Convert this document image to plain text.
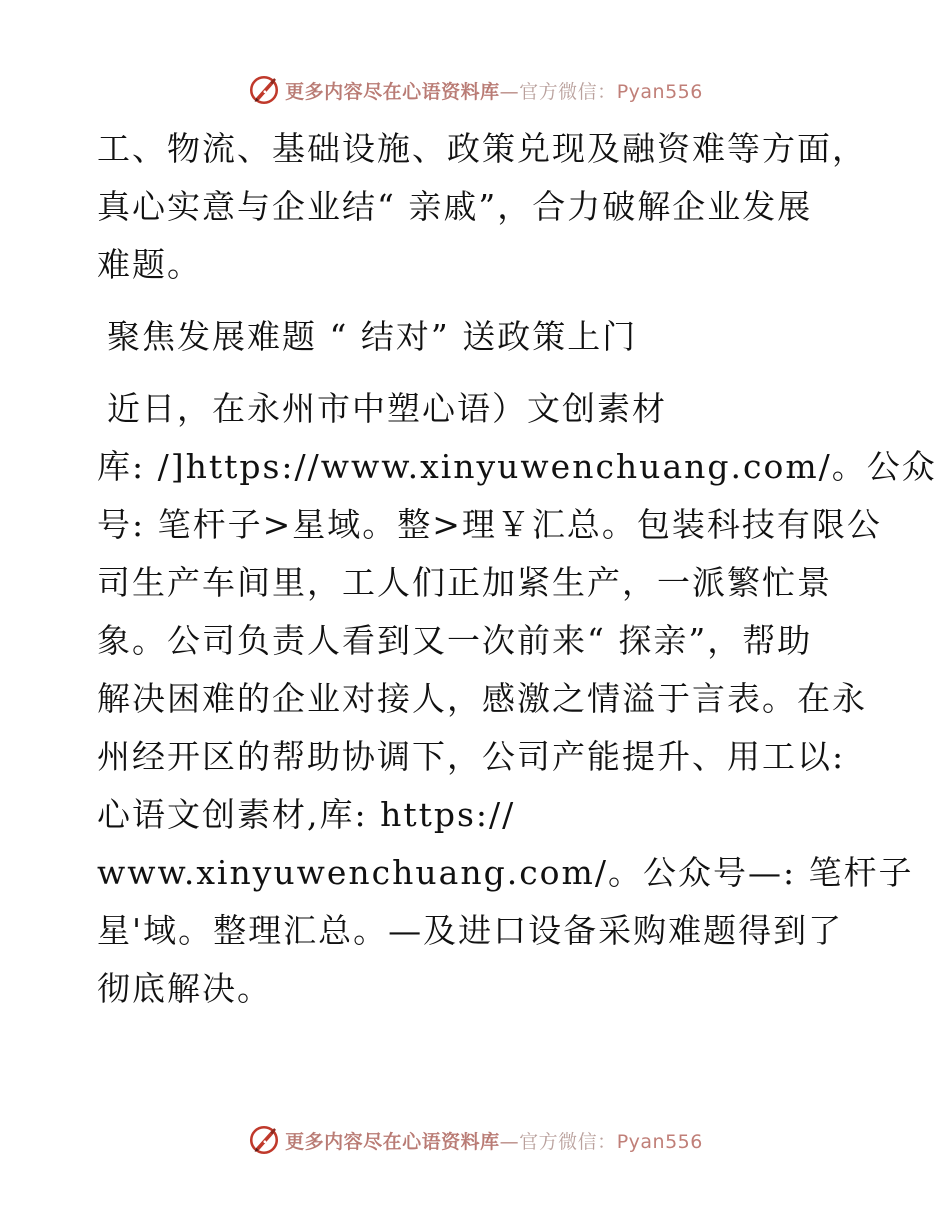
更多内容尽在心语资料库—官方微信：Pyan556
工、物流、基础设施、政策兑现及融资难等方面，
真心实意与企业结“ 亲戚”，合力破解企业发展
难题。
聚焦发展难题 “ 结对” 送政策上门
近日，在永州市中塑心语）文创素材
库: /]https://www.xinyuwenchuang.com/。公众
号: 笔杆子>星域。整>理￥汇总。包装科技有限公
司生产车间里，工人们正加紧生产，一派繁忙景
象。公司负责人看到又一次前来“ 探亲”，帮助
解决困难的企业对接人，感激之情溢于言表。在永
州经开区的帮助协调下，公司产能提升、用工以:
心语文创素材,库: https://
www.xinyuwenchuang.com/。公众号—: 笔杆子
星'域。整理汇总。—及进口设备采购难题得到了
彻底解决。
更多内容尽在心语资料库—官方微信：Pyan556
